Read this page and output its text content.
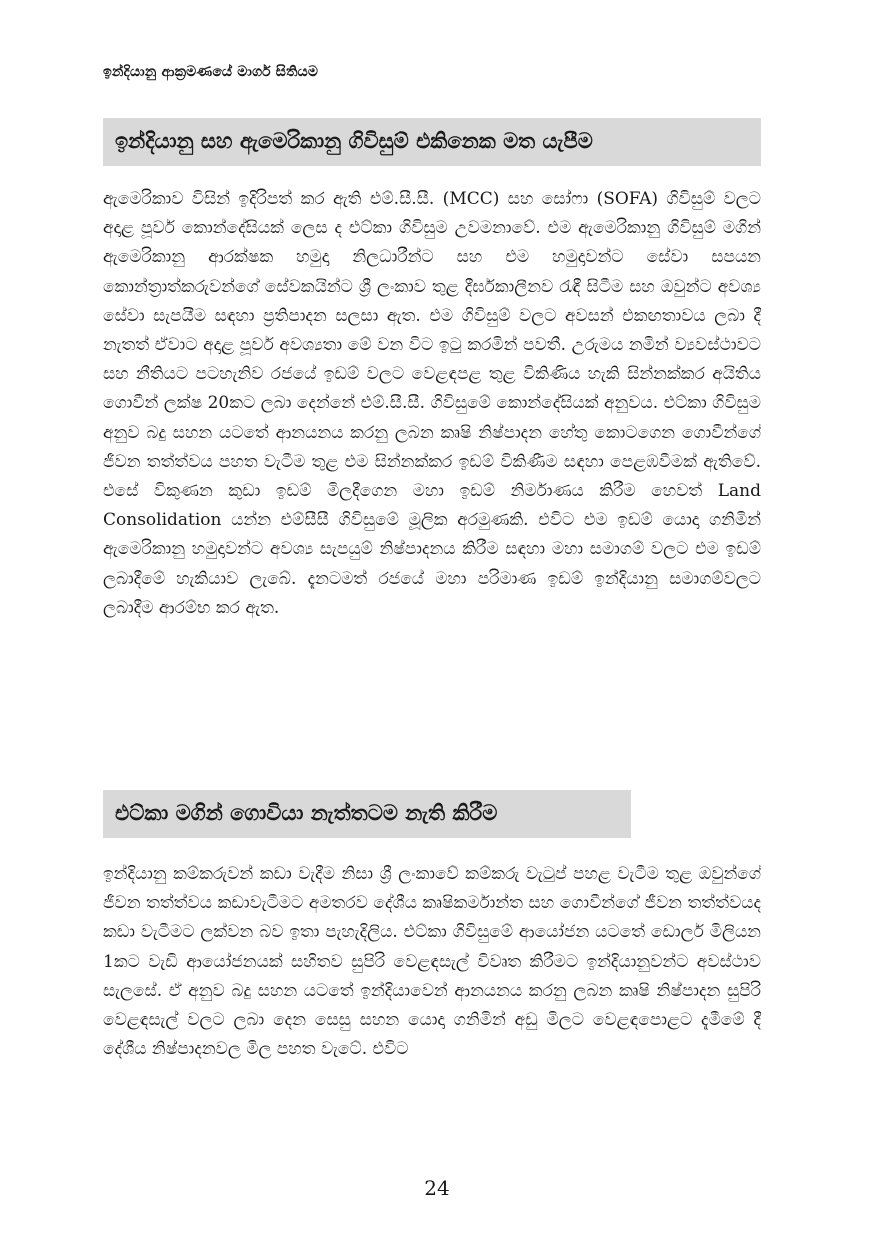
ඉන්දියානු ආක්‍රමණයේ මාර්ග සිතියම
ඉන්දියානු සහ ඇමෙරිකානු ගිවිසුම් එකිනෙක මත යැපීම

ඇමෙරිකාව විසින් ඉදිරිපත් කර ඇති එම්.සී.සී. (MCC) සහ සෝෆා (SOFA) ගිවිසුම් වලට අදාළ පූර්ව කොන්දේසියක් ලෙස ද එට්කා ගිවිසුම උවමනාවේ. එම ඇමෙරිකානු ගිවිසුම් මගින් ඇමෙරිකානු ආරක්ෂක හමුදා නිලධාරීන්ට සහ එම හමුදාවන්ට සේවා සපයන කොන්ත්‍රාත්කරුවන්ගේ සේවකයින්ට ශ්‍රී ලංකාව තුළ දීර්ඝකාලීනව රැඳී සිටීම සහ ඔවුන්ට අවශ්‍ය සේවා සැපයීම සඳහා ප්‍රතිපාදන සලසා ඇත. එම ගිවිසුම් වලට අවසන් එකඟතාවය ලබා දී නැතත් ඒවාට අදාළ පූර්ව අවශ්‍යතා මේ වන විට ඉටු කරමින් පවතී. උරුමය නමින් ව්‍යවස්ථාවට සහ නීතියට පටහැනිව රජයේ ඉඩම් වලට වෙළඳපළ තුළ විකිණිය හැකි සින්නක්කර අයිතිය ගොවීන් ලක්ෂ 20කට ලබා දෙන්නේ එම්.සී.සී. ගිවිසුමේ කොන්දේසියක් අනුවය. එට්කා ගිවිසුම අනුව බදු සහන යටතේ ආනයනය කරනු ලබන කෘෂි නිෂ්පාදන හේතු කොටගෙන ගොවීන්ගේ ජීවන තත්ත්වය පහත වැටීම තුළ එම සින්නක්කර ඉඩම් විකිණීම සඳහා පෙළඹවීමක් ඇතිවේ. එසේ විකුණන කුඩා ඉඩම් මිලදීගෙන මහා ඉඩම් නිර්මාණය කිරීම හෙවත් Land Consolidation යන්න එම්සීසී ගිවිසුමේ මූලික අරමුණකි. එවිට එම ඉඩම් යොදා ගනිමින් ඇමෙරිකානු හමුදාවන්ට අවශ්‍ය සැපයුම් නිෂ්පාදනය කිරීම සඳහා මහා සමාගම් වලට එම ඉඩම් ලබාදීමේ හැකියාව ලැබේ. දැනටමත් රජයේ මහා පරිමාණ ඉඩම් ඉන්දියානු සමාගම්වලට ලබාදීම ආරම්භ කර ඇත.

එට්කා මගින් ගොවියා නැත්තටම නැති කිරීම

ඉන්දියානු කම්කරුවන් කඩා වැදීම නිසා ශ්‍රී ලංකාවේ කම්කරු වැටුප් පහළ වැටීම තුළ ඔවුන්ගේ ජීවන තත්ත්වය කඩාවැටීමට අමතරව දේශීය කෘෂිකර්මාන්ත සහ ගොවීන්ගේ ජීවන තත්ත්වයද කඩා වැටීමට ලක්වන බව ඉතා පැහැදිලිය. එට්කා ගිවිසුමේ ආයෝජන යටතේ ඩොලර් මිලියන 1කට වැඩි ආයෝජනයක් සහිතව සුපිරි වෙළඳසැල් විවෘත කිරීමට ඉන්දියානුවන්ට අවස්ථාව සැලසේ. ඒ අනුව බදු සහන යටතේ ඉන්දියාවෙන් ආනයනය කරනු ලබන කෘෂි නිෂ්පාදන සුපිරි වෙළඳසැල් වලට ලබා දෙන සෙසු සහන යොදා ගනිමින් අඩු මිලට වෙළඳපොළට දැමීමේ දී දේශීය නිෂ්පාදනවල මිල පහත වැටේ. එවිට

24
